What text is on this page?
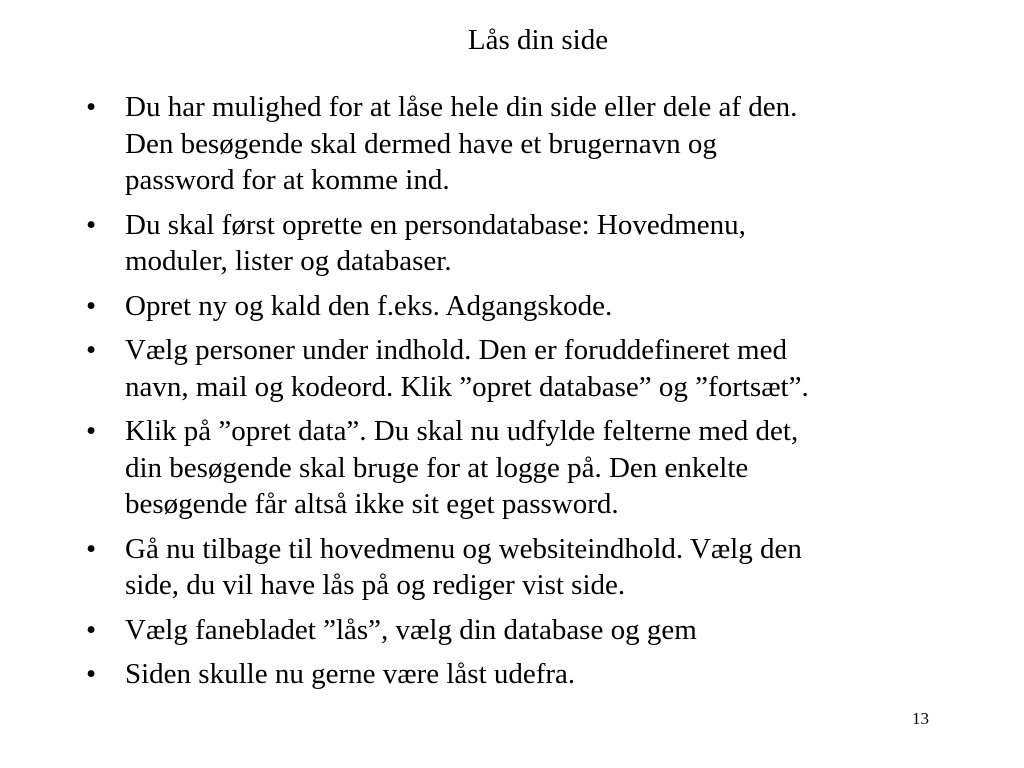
Lås din side
• Du har mulighed for at låse hele din side eller dele af den.
Den besøgende skal dermed have et brugernavn og
password for at komme ind.
• Du skal først oprette en persondatabase: Hovedmenu,
moduler, lister og databaser.
• Opret ny og kald den f.eks. Adgangskode.
• Vælg personer under indhold. Den er foruddefineret med
navn, mail og kodeord. Klik ”opret database” og ”fortsæt”.
• Klik på ”opret data”. Du skal nu udfylde felterne med det,
din besøgende skal bruge for at logge på. Den enkelte
besøgende får altså ikke sit eget password.
• Gå nu tilbage til hovedmenu og websiteindhold. Vælg den
side, du vil have lås på og rediger vist side.
• Vælg fanebladet ”lås”, vælg din database og gem
• Siden skulle nu gerne være låst udefra.
13
